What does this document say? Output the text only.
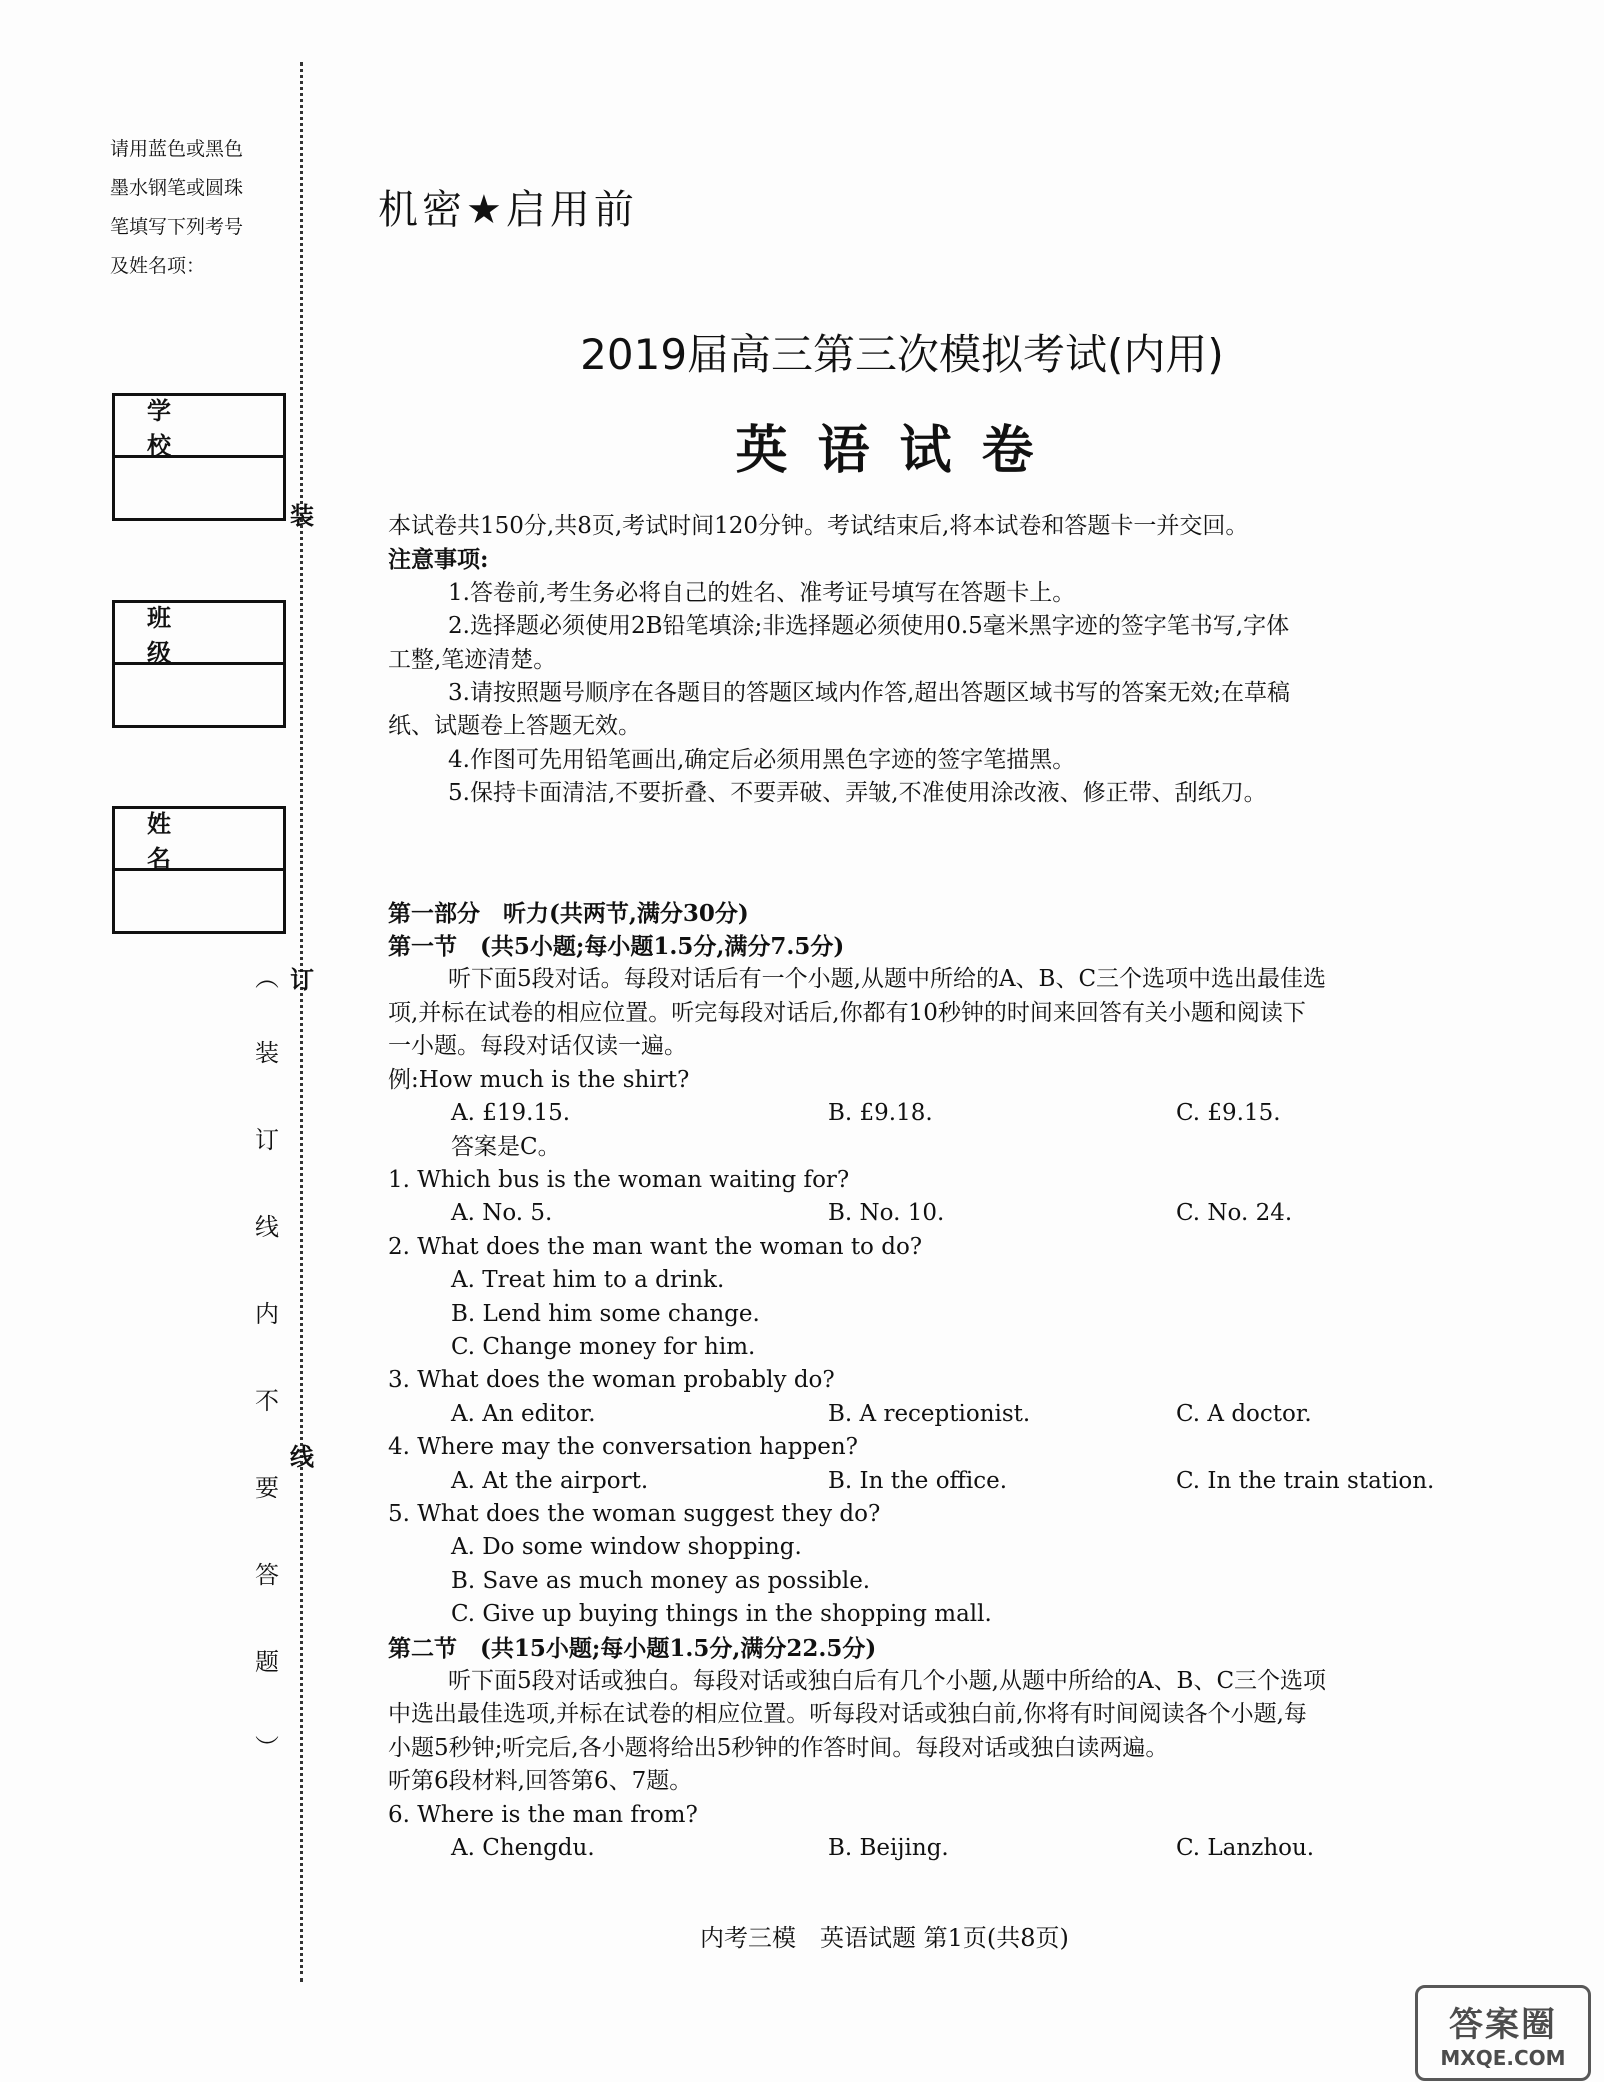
请用蓝色或黑色
墨水钢笔或圆珠
笔填写下列考号
及姓名项：
学 校
班 级
姓 名
装
订
线
︵
装
订
线
内
不
要
答
题
︶
机密★启用前
2019届高三第三次模拟考试(内用)
英语试卷

本试卷共150分,共8页,考试时间120分钟。考试结束后,将本试卷和答题卡一并交回。

注意事项:

1.答卷前,考生务必将自己的姓名、准考证号填写在答题卡上。

2.选择题必须使用2B铅笔填涂;非选择题必须使用0.5毫米黑字迹的签字笔书写,字体

工整,笔迹清楚。

3.请按照题号顺序在各题目的答题区域内作答,超出答题区域书写的答案无效;在草稿

纸、试题卷上答题无效。

4.作图可先用铅笔画出,确定后必须用黑色字迹的签字笔描黑。

5.保持卡面清洁,不要折叠、不要弄破、弄皱,不准使用涂改液、修正带、刮纸刀。

第一部分　听力(共两节,满分30分)

第一节　(共5小题;每小题1.5分,满分7.5分)

听下面5段对话。每段对话后有一个小题,从题中所给的A、B、C三个选项中选出最佳选

项,并标在试卷的相应位置。听完每段对话后,你都有10秒钟的时间来回答有关小题和阅读下

一小题。每段对话仅读一遍。

例:How much is the shirt?

A. £19.15.	B. £9.18.	C. £9.15.

答案是C。

1. Which bus is the woman waiting for?

A. No. 5.	B. No. 10.	C. No. 24.

2. What does the man want the woman to do?

A. Treat him to a drink.

B. Lend him some change.

C. Change money for him.

3. What does the woman probably do?

A. An editor.	B. A receptionist.	C. A doctor.

4. Where may the conversation happen?

A. At the airport.	B. In the office.	C. In the train station.

5. What does the woman suggest they do?

A. Do some window shopping.

B. Save as much money as possible.

C. Give up buying things in the shopping mall.

第二节　(共15小题;每小题1.5分,满分22.5分)

听下面5段对话或独白。每段对话或独白后有几个小题,从题中所给的A、B、C三个选项

中选出最佳选项,并标在试卷的相应位置。听每段对话或独白前,你将有时间阅读各个小题,每

小题5秒钟;听完后,各小题将给出5秒钟的作答时间。每段对话或独白读两遍。

听第6段材料,回答第6、7题。

6. Where is the man from?

A. Chengdu.	B. Beijing.	C. Lanzhou.
内考三模　英语试题 第1页(共8页)
答案圈
MXQE.COM
